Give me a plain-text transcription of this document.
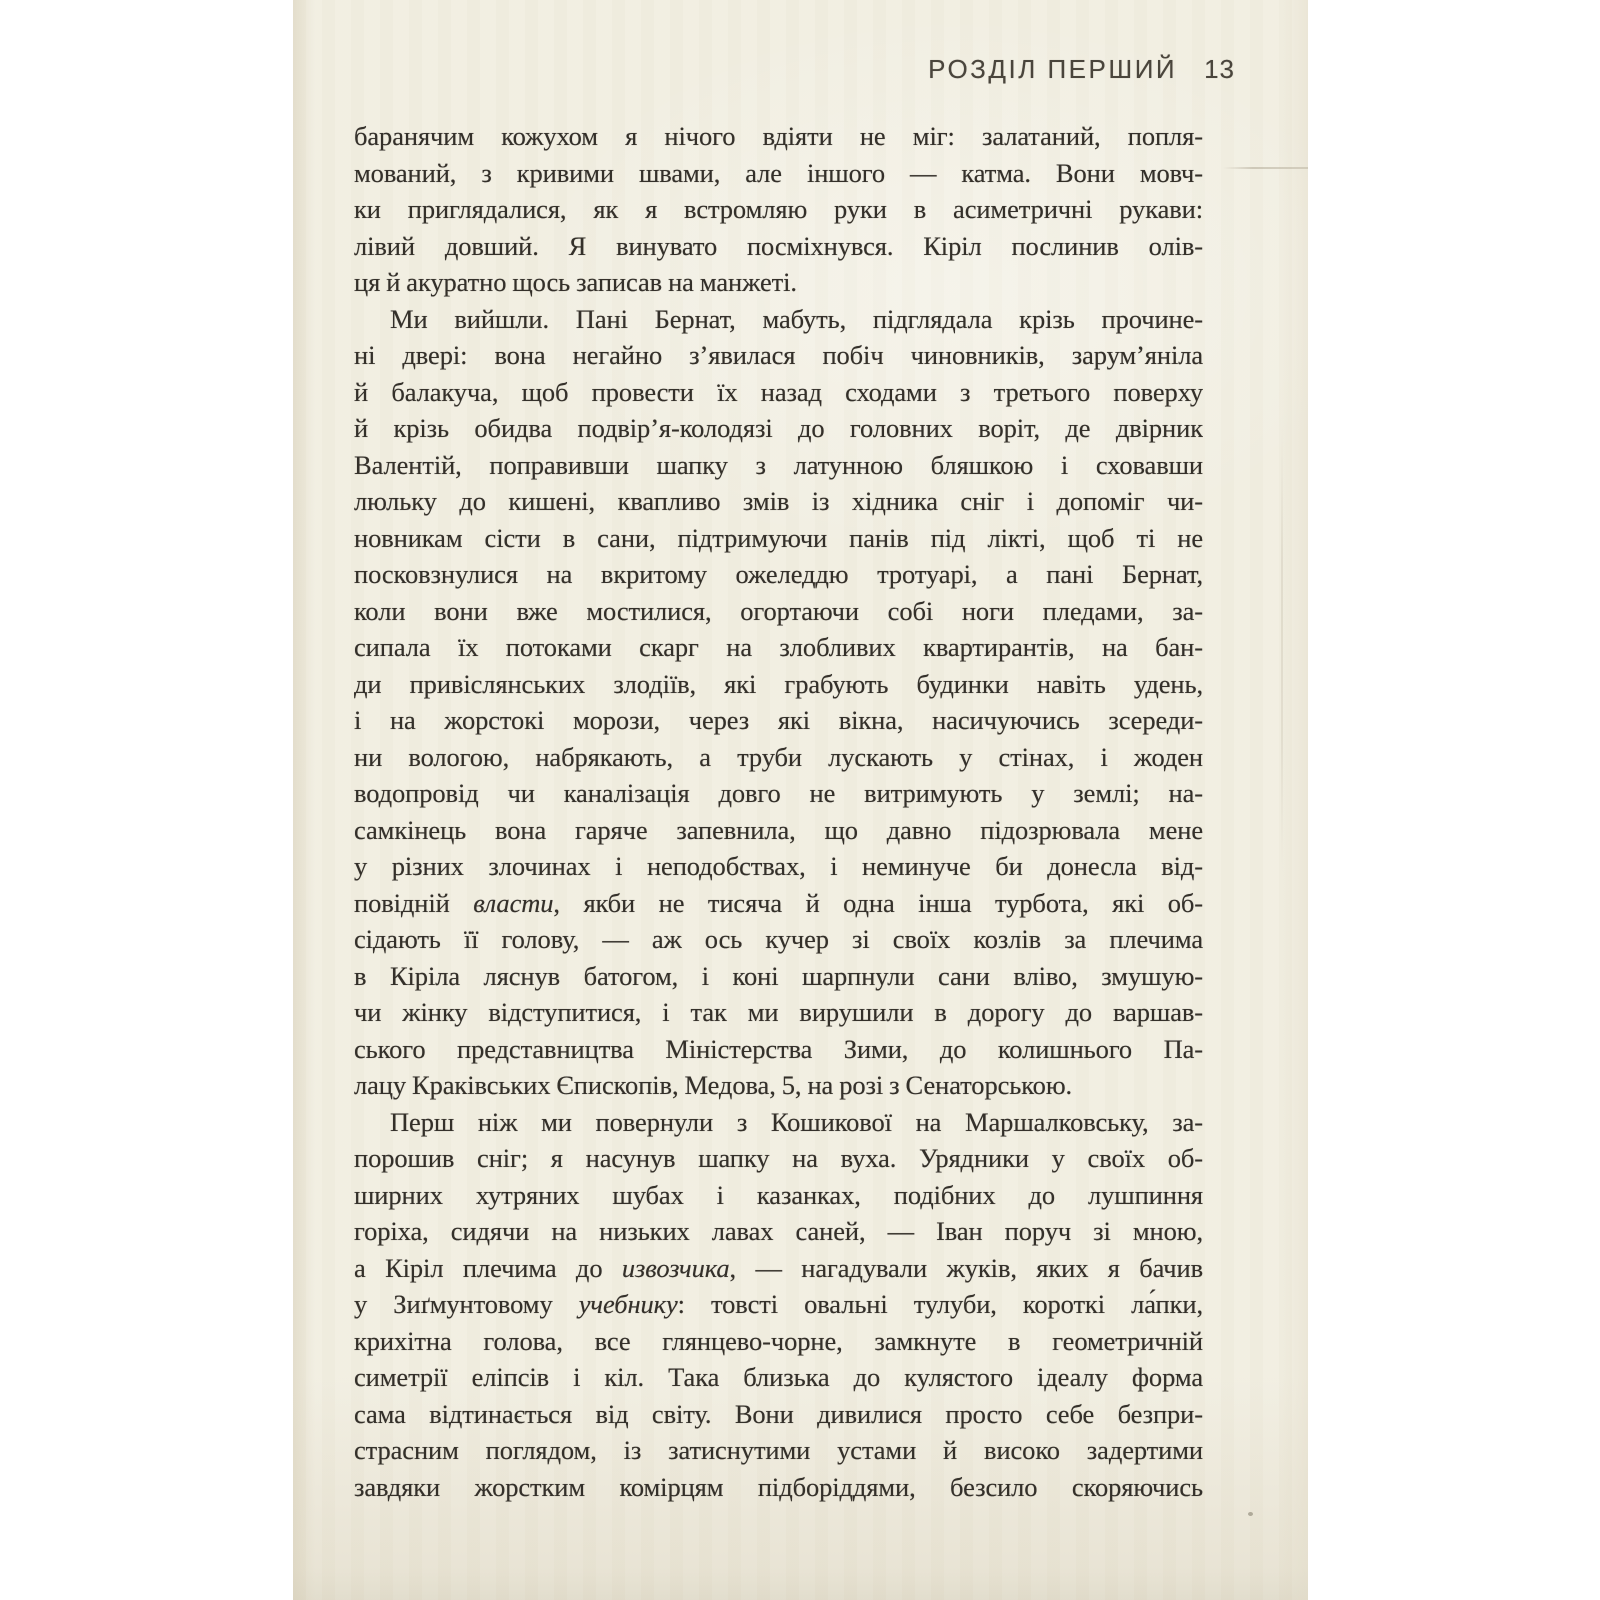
РОЗДІЛ ПЕРШИЙ 13
баранячим кожухом я нічого вдіяти не міг: залатаний, попля-
мований, з кривими швами, але іншого — катма. Вони мовч-
ки приглядалися, як я встромляю руки в асиметричні рукави:
лівий довший. Я винувато посміхнувся. Кіріл послинив олів-
ця й акуратно щось записав на манжеті.
Ми вийшли. Пані Бернат, мабуть, підглядала крізь прочине-
ні двері: вона негайно з’явилася побіч чиновників, зарум’яніла
й балакуча, щоб провести їх назад сходами з третього поверху
й крізь обидва подвір’я-колодязі до головних воріт, де двірник
Валентій, поправивши шапку з латунною бляшкою і сховавши
люльку до кишені, квапливо змів із хідника сніг і допоміг чи-
новникам сісти в сани, підтримуючи панів під лікті, щоб ті не
посковзнулися на вкритому ожеледдю тротуарі, а пані Бернат,
коли вони вже мостилися, огортаючи собі ноги пледами, за-
сипала їх потоками скарг на злобливих квартирантів, на бан-
ди привіслянських злодіїв, які грабують будинки навіть удень,
і на жорстокі морози, через які вікна, насичуючись зсереди-
ни вологою, набрякають, а труби лускають у стінах, і жоден
водопровід чи каналізація довго не витримують у землі; на-
самкінець вона гаряче запевнила, що давно підозрювала мене
у різних злочинах і неподобствах, і неминуче би донесла від-
повідній власти, якби не тисяча й одна інша турбота, які об-
сідають її голову, — аж ось кучер зі своїх козлів за плечима
в Кіріла ляснув батогом, і коні шарпнули сани вліво, змушую-
чи жінку відступитися, і так ми вирушили в дорогу до варшав-
ського представництва Міністерства Зими, до колишнього Па-
лацу Краківських Єпископів, Медова, 5, на розі з Сенаторською.
Перш ніж ми повернули з Кошикової на Маршалковську, за-
порошив сніг; я насунув шапку на вуха. Урядники у своїх об-
ширних хутряних шубах і казанках, подібних до лушпиння
горіха, сидячи на низьких лавах саней, — Іван поруч зі мною,
а Кіріл плечима до извозчика, — нагадували жуків, яких я бачив
у Зиґмунтовому учебнику: товсті овальні тулуби, короткі ла́пки,
крихітна голова, все глянцево-чорне, замкнуте в геометричній
симетрії еліпсів і кіл. Така близька до кулястого ідеалу форма
сама відтинається від світу. Вони дивилися просто себе безпри-
страсним поглядом, із затиснутими устами й високо задертими
завдяки жорстким комірцям підборіддями, безсило скоряючись
